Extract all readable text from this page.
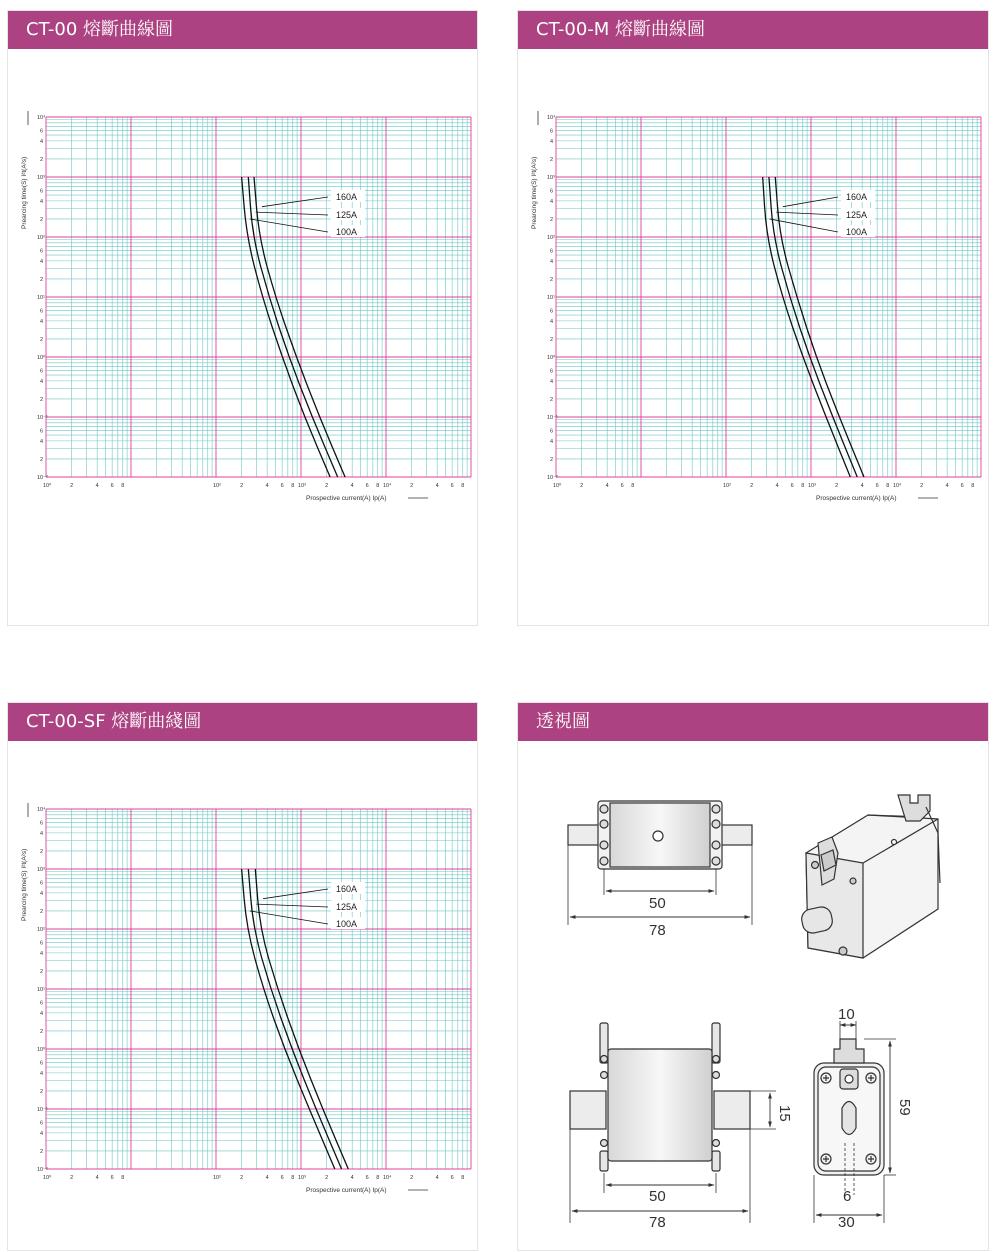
CT-00 熔斷曲線圖
10⁻²
2
4
6
10⁻¹
2
4
6
10⁰
2
4
6
10¹
2
4
6
10²
2
4
6
10³
2
4
6
10⁴
10⁰	2	4 6 8	10²	2	4 6 8 10³	2	4 6 8 10⁴	2	4 6 8
Prearcing time(S) I²t(A²s)
Prospective current(A) Ip(A)
100A
125A
160A
CT-00-M 熔斷曲線圖
10⁻²
2
4
6
10⁻¹
2
4
6
10⁰
2
4
6
10¹
2
4
6
10²
2
4
6
10³
2
4
6
10⁴
10⁰	2	4 6 8	10²	2	4 6 8 10³	2	4 6 8 10⁴	2	4 6 8
Prearcing time(S) I²t(A²s)
Prospective current(A) Ip(A)
100A
125A
160A
CT-00-SF 熔斷曲綫圖
10⁻²
2
4
6
10⁻¹
2
4
6
10⁰
2
4
6
10¹
2
4
6
10²
2
4
6
10³
2
4
6
10⁴
10⁰	2	4 6 8	10²	2	4 6 8 10³	2	4 6 8 10⁴	2	4 6 8
Prearcing time(S) I²t(A²s)
Prospective current(A) Ip(A)
100A
125A
160A
透視圖
50
78
50
78
15
10
59
6
30
